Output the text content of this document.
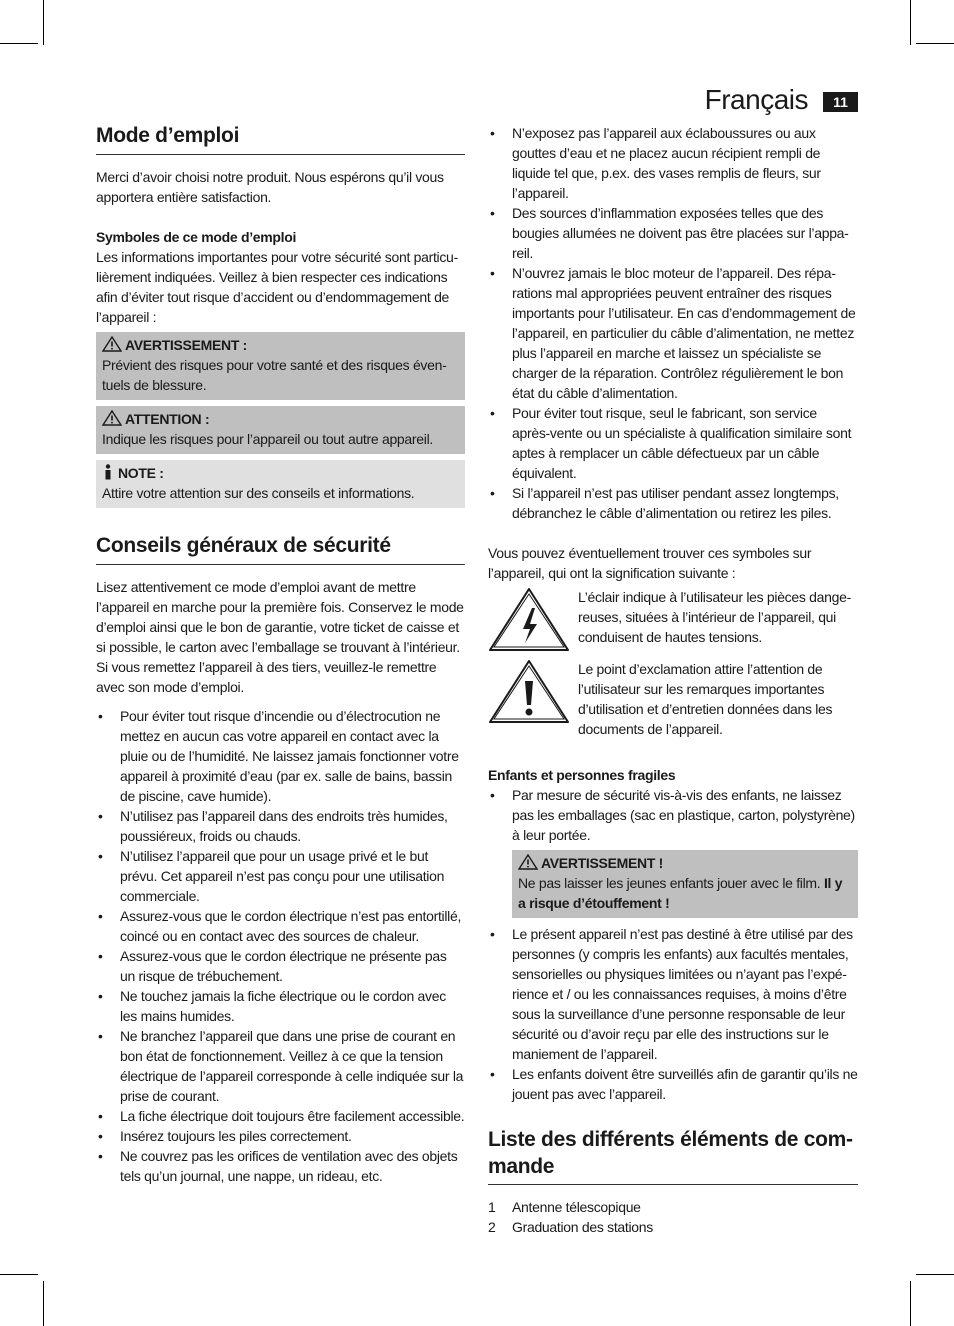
Français	11
Mode d’emploi

Merci d’avoir choisi notre produit. Nous espérons qu’il vous apportera entière satisfaction.

Symboles de ce mode d’emploi

Les informations importantes pour votre sécurité sont particulièrement indiquées. Veillez à bien respecter ces indications afin d’éviter tout risque d’accident ou d’endommagement de l’appareil :

AVERTISSEMENT :

Prévient des risques pour votre santé et des risques éventuels de blessure.

ATTENTION :

Indique les risques pour l’appareil ou tout autre appareil.

NOTE :

Attire votre attention sur des conseils et informations.

Conseils généraux de sécurité

Lisez attentivement ce mode d’emploi avant de mettre l’appareil en marche pour la première fois. Conservez le mode d’emploi ainsi que le bon de garantie, votre ticket de caisse et si possible, le carton avec l’emballage se trouvant à l’intérieur. Si vous remettez l’appareil à des tiers, veuillez-le remettre avec son mode d’emploi.

• Pour éviter tout risque d’incendie ou d’électrocution ne mettez en aucun cas votre appareil en contact avec la pluie ou de l’humidité. Ne laissez jamais fonctionner votre appareil à proximité d’eau (par ex. salle de bains, bassin de piscine, cave humide).
• N’utilisez pas l’appareil dans des endroits très humides, poussiéreux, froids ou chauds.
• N’utilisez l’appareil que pour un usage privé et le but prévu. Cet appareil n’est pas conçu pour une utilisation commerciale.
• Assurez-vous que le cordon électrique n’est pas entortillé, coincé ou en contact avec des sources de chaleur.
• Assurez-vous que le cordon électrique ne présente pas un risque de trébuchement.
• Ne touchez jamais la fiche électrique ou le cordon avec les mains humides.
• Ne branchez l’appareil que dans une prise de courant en bon état de fonctionnement. Veillez à ce que la tension électrique de l’appareil corresponde à celle indiquée sur la prise de courant.
• La fiche électrique doit toujours être facilement accessible.
• Insérez toujours les piles correctement.
• Ne couvrez pas les orifices de ventilation avec des objets tels qu’un journal, une nappe, un rideau, etc.
• N’exposez pas l’appareil aux éclaboussures ou aux gouttes d’eau et ne placez aucun récipient rempli de liquide tel que, p.ex. des vases remplis de fleurs, sur l’appareil.
• Des sources d’inflammation exposées telles que des bougies allumées ne doivent pas être placées sur l’appareil.
• N’ouvrez jamais le bloc moteur de l’appareil. Des réparations mal appropriées peuvent entraîner des risques importants pour l’utilisateur. En cas d’endommagement de l’appareil, en particulier du câble d’alimentation, ne mettez plus l’appareil en marche et laissez un spécialiste se charger de la réparation. Contrôlez régulièrement le bon état du câble d’alimentation.
• Pour éviter tout risque, seul le fabricant, son service après-vente ou un spécialiste à qualification similaire sont aptes à remplacer un câble défectueux par un câble équivalent.
• Si l’appareil n’est pas utiliser pendant assez longtemps, débranchez le câble d’alimentation ou retirez les piles.

Vous pouvez éventuellement trouver ces symboles sur l’appareil, qui ont la signification suivante :

L’éclair indique à l’utilisateur les pièces dangereuses, situées à l’intérieur de l’appareil, qui conduisent de hautes tensions.

Le point d’exclamation attire l’attention de l’utilisateur sur les remarques importantes d’utilisation et d’entretien données dans les documents de l’appareil.

Enfants et personnes fragiles
• Par mesure de sécurité vis-à-vis des enfants, ne laissez pas les emballages (sac en plastique, carton, polystyrène) à leur portée.
AVERTISSEMENT !

Ne pas laisser les jeunes enfants jouer avec le film. Il y a risque d’étouffement !

• Le présent appareil n’est pas destiné à être utilisé par des personnes (y compris les enfants) aux facultés mentales, sensorielles ou physiques limitées ou n’ayant pas l’expérience et / ou les connaissances requises, à moins d’être sous la surveillance d’une personne responsable de leur sécurité ou d’avoir reçu par elle des instructions sur le maniement de l’appareil.
• Les enfants doivent être surveillés afin de garantir qu’ils ne jouent pas avec l’appareil.
Liste des différents éléments de commande
1 Antenne télescopique
2 Graduation des stations
